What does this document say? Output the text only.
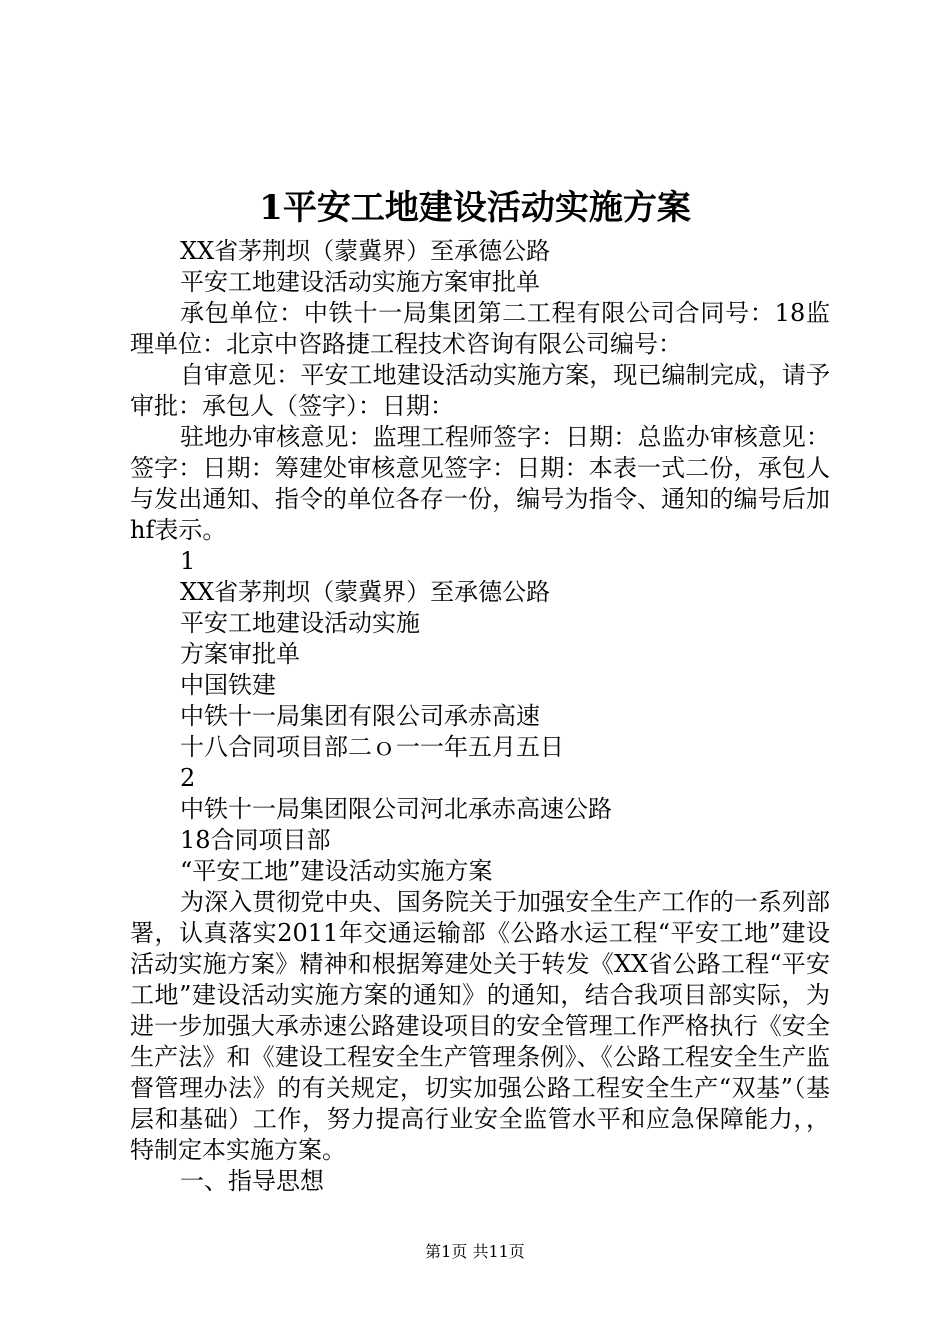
1平安工地建设活动实施方案

XX省茅荆坝（蒙冀界）至承德公路

平安工地建设活动实施方案审批单

承包单位：中铁十一局集团第二工程有限公司合同号：18监理单位：北京中咨路捷工程技术咨询有限公司编号：

自审意见：平安工地建设活动实施方案，现已编制完成，请予审批：承包人（签字）：日期：

驻地办审核意见：监理工程师签字：日期：总监办审核意见：签字：日期：筹建处审核意见签字：日期：本表一式二份，承包人与发出通知、指令的单位各存一份，编号为指令、通知的编号后加hf表示。

1

XX省茅荆坝（蒙冀界）至承德公路

平安工地建设活动实施

方案审批单

中国铁建

中铁十一局集团有限公司承赤高速

十八合同项目部二ｏ一一年五月五日

2

中铁十一局集团限公司河北承赤高速公路

18合同项目部

“平安工地”建设活动实施方案

为深入贯彻党中央、国务院关于加强安全生产工作的一系列部署，认真落实2011年交通运输部《公路水运工程“平安工地”建设活动实施方案》精神和根据筹建处关于转发《XX省公路工程“平安工地”建设活动实施方案的通知》的通知，结合我项目部实际，为进一步加强大承赤速公路建设项目的安全管理工作严格执行《安全生产法》和《建设工程安全生产管理条例》、《公路工程安全生产监督管理办法》的有关规定，切实加强公路工程安全生产“双基”（基层和基础）工作，努力提高行业安全监管水平和应急保障能力，，特制定本实施方案。

一、指导思想

第1页 共11页
